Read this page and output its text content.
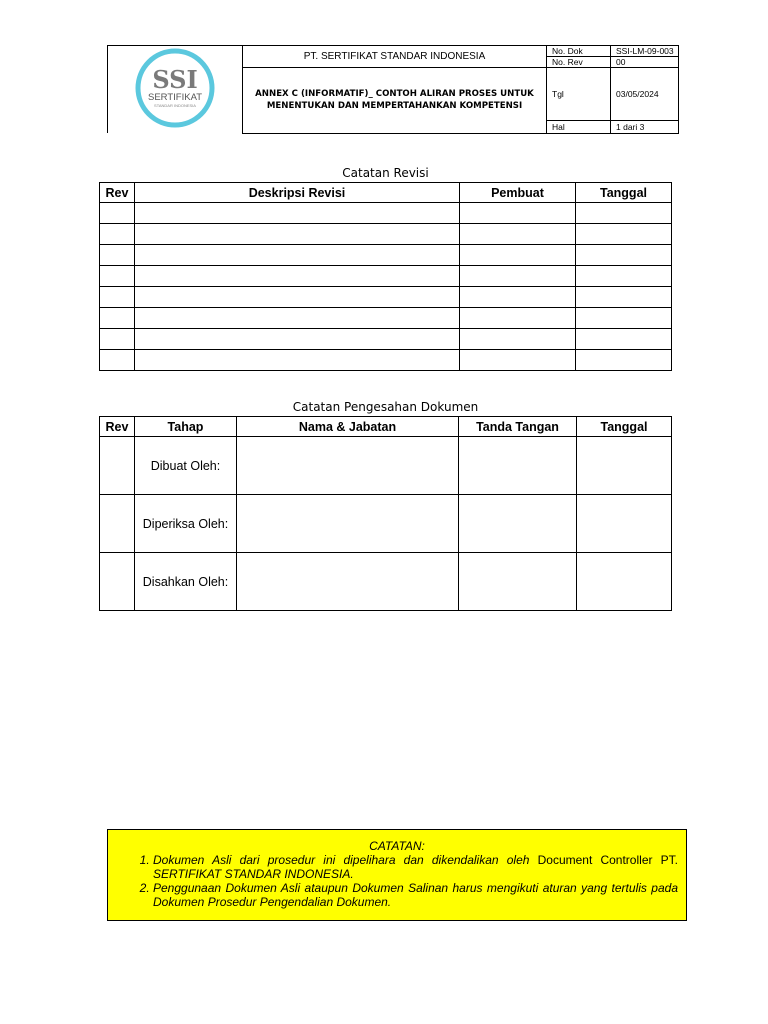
SSI
SERTIFIKAT
STANDAR INDONESIA	PT. SERTIFIKAT STANDAR INDONESIA	No. Dok	SSI-LM-09-003
		No. Rev	00
	ANNEX C (INFORMATIF)_ CONTOH ALIRAN PROSES UNTUK MENENTUKAN DAN MEMPERTAHANKAN KOMPETENSI	Tgl	03/05/2024
		Hal	1 dari 3
Catatan Revisi
Rev	Deskripsi Revisi	Pembuat	Tanggal

Catatan Pengesahan Dokumen
Rev	Tahap	Nama & Jabatan	Tanda Tangan	Tanggal
	Dibuat Oleh:			
	Diperiksa Oleh:			
	Disahkan Oleh:			
CATATAN:
1. Dokumen Asli dari prosedur ini dipelihara dan dikendalikan oleh Document Controller PT. SERTIFIKAT STANDAR INDONESIA.
2. Penggunaan Dokumen Asli ataupun Dokumen Salinan harus mengikuti aturan yang tertulis pada Dokumen Prosedur Pengendalian Dokumen.
